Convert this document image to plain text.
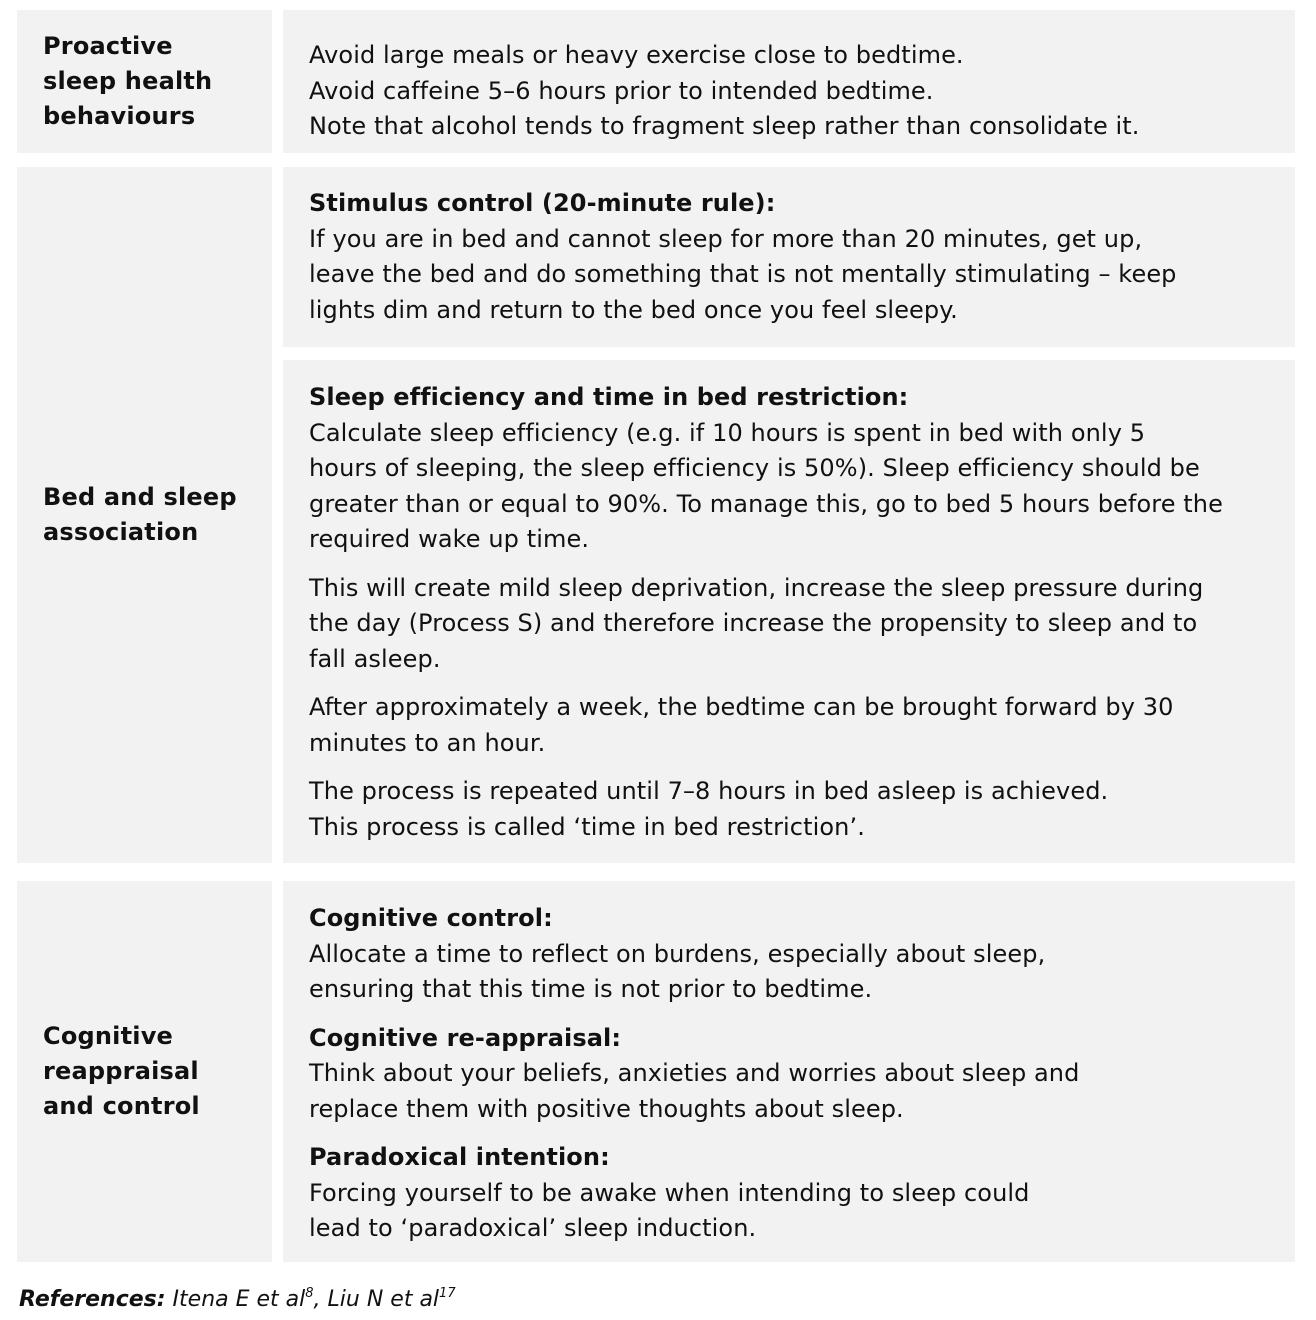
Proactive
sleep health
behaviours
Avoid large meals or heavy exercise close to bedtime.
Avoid caffeine 5–6 hours prior to intended bedtime.
Note that alcohol tends to fragment sleep rather than consolidate it.
Bed and sleep
association
Stimulus control (20-minute rule):
If you are in bed and cannot sleep for more than 20 minutes, get up,
leave the bed and do something that is not mentally stimulating – keep
lights dim and return to the bed once you feel sleepy.
Sleep efficiency and time in bed restriction:
Calculate sleep efficiency (e.g. if 10 hours is spent in bed with only 5
hours of sleeping, the sleep efficiency is 50%). Sleep efficiency should be
greater than or equal to 90%. To manage this, go to bed 5 hours before the
required wake up time.
This will create mild sleep deprivation, increase the sleep pressure during
the day (Process S) and therefore increase the propensity to sleep and to
fall asleep.
After approximately a week, the bedtime can be brought forward by 30
minutes to an hour.
The process is repeated until 7–8 hours in bed asleep is achieved.
This process is called ‘time in bed restriction’.
Cognitive
reappraisal
and control
Cognitive control:
Allocate a time to reflect on burdens, especially about sleep,
ensuring that this time is not prior to bedtime.
Cognitive re-appraisal:
Think about your beliefs, anxieties and worries about sleep and
replace them with positive thoughts about sleep.
Paradoxical intention:
Forcing yourself to be awake when intending to sleep could
lead to ‘paradoxical’ sleep induction.
References: Itena E et $al^8$, Liu N et $al^{17}$
